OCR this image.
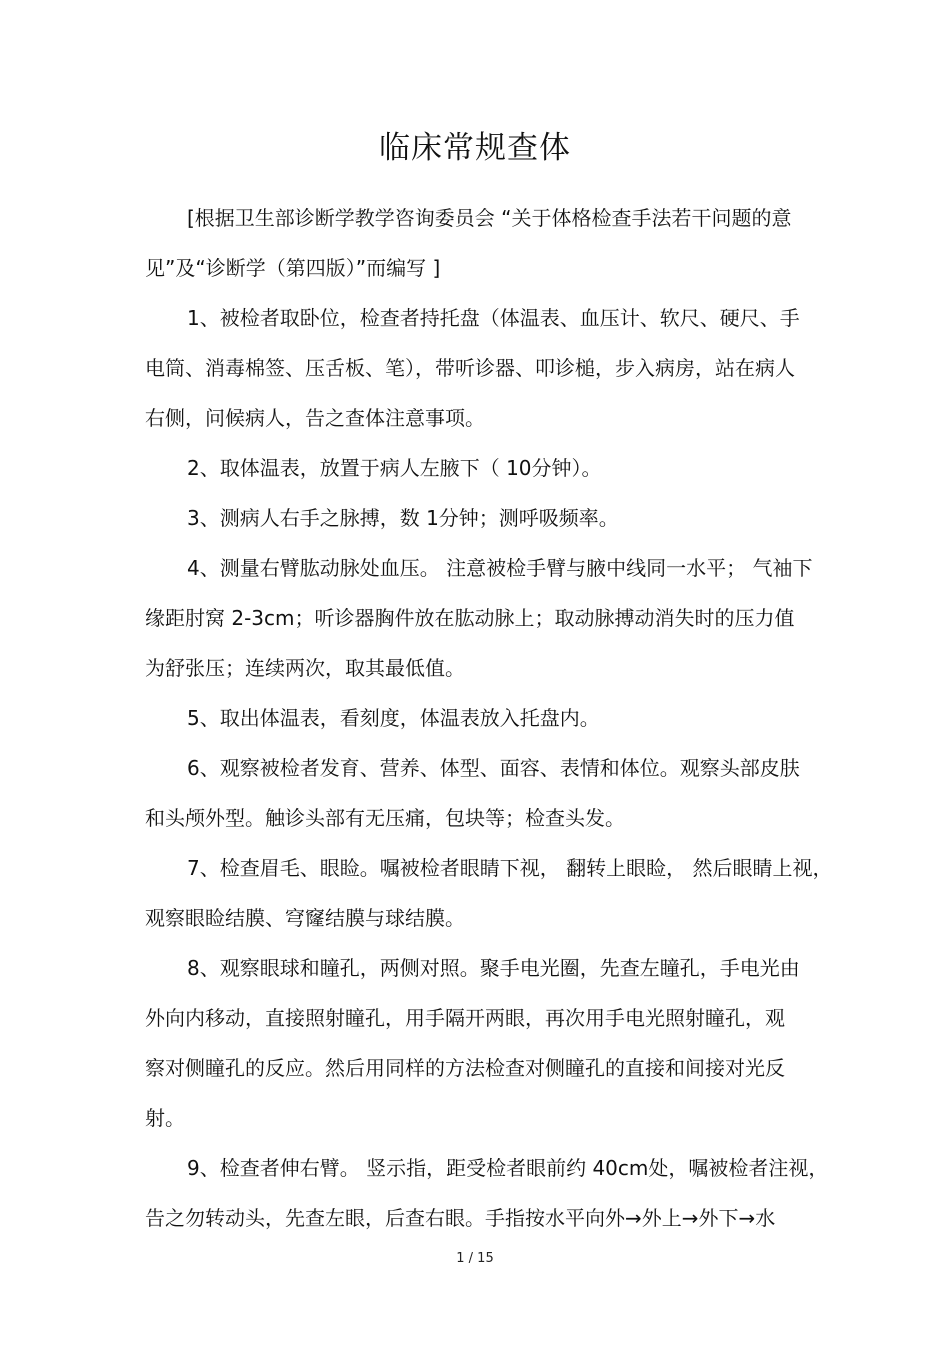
临床常规查体
[根据卫生部诊断学教学咨询委员会 “关于体格检查手法若干问题的意
见”及“诊断学（第四版）”而编写 ]
1、被检者取卧位，检查者持托盘（体温表、血压计、软尺、硬尺、手
电筒、消毒棉签、压舌板、笔），带听诊器、叩诊槌，步入病房，站在病人
右侧，问候病人，告之查体注意事项。
2、取体温表，放置于病人左腋下（ 10分钟）。
3、测病人右手之脉搏，数 1分钟；测呼吸频率。
4、测量右臂肱动脉处血压。 注意被检手臂与腋中线同一水平； 气袖下
缘距肘窝 2-3cm；听诊器胸件放在肱动脉上；取动脉搏动消失时的压力值
为舒张压；连续两次，取其最低值。
5、取出体温表，看刻度，体温表放入托盘内。
6、观察被检者发育、营养、体型、面容、表情和体位。观察头部皮肤
和头颅外型。触诊头部有无压痛，包块等；检查头发。
7、检查眉毛、眼睑。嘱被检者眼睛下视， 翻转上眼睑， 然后眼睛上视，
观察眼睑结膜、穹窿结膜与球结膜。
8、观察眼球和瞳孔，两侧对照。聚手电光圈，先查左瞳孔，手电光由
外向内移动，直接照射瞳孔，用手隔开两眼，再次用手电光照射瞳孔，观
察对侧瞳孔的反应。然后用同样的方法检查对侧瞳孔的直接和间接对光反
射。
9、检查者伸右臂。 竖示指，距受检者眼前约 40cm处，嘱被检者注视，
告之勿转动头，先查左眼，后查右眼。手指按水平向外→外上→外下→水
1 / 15
